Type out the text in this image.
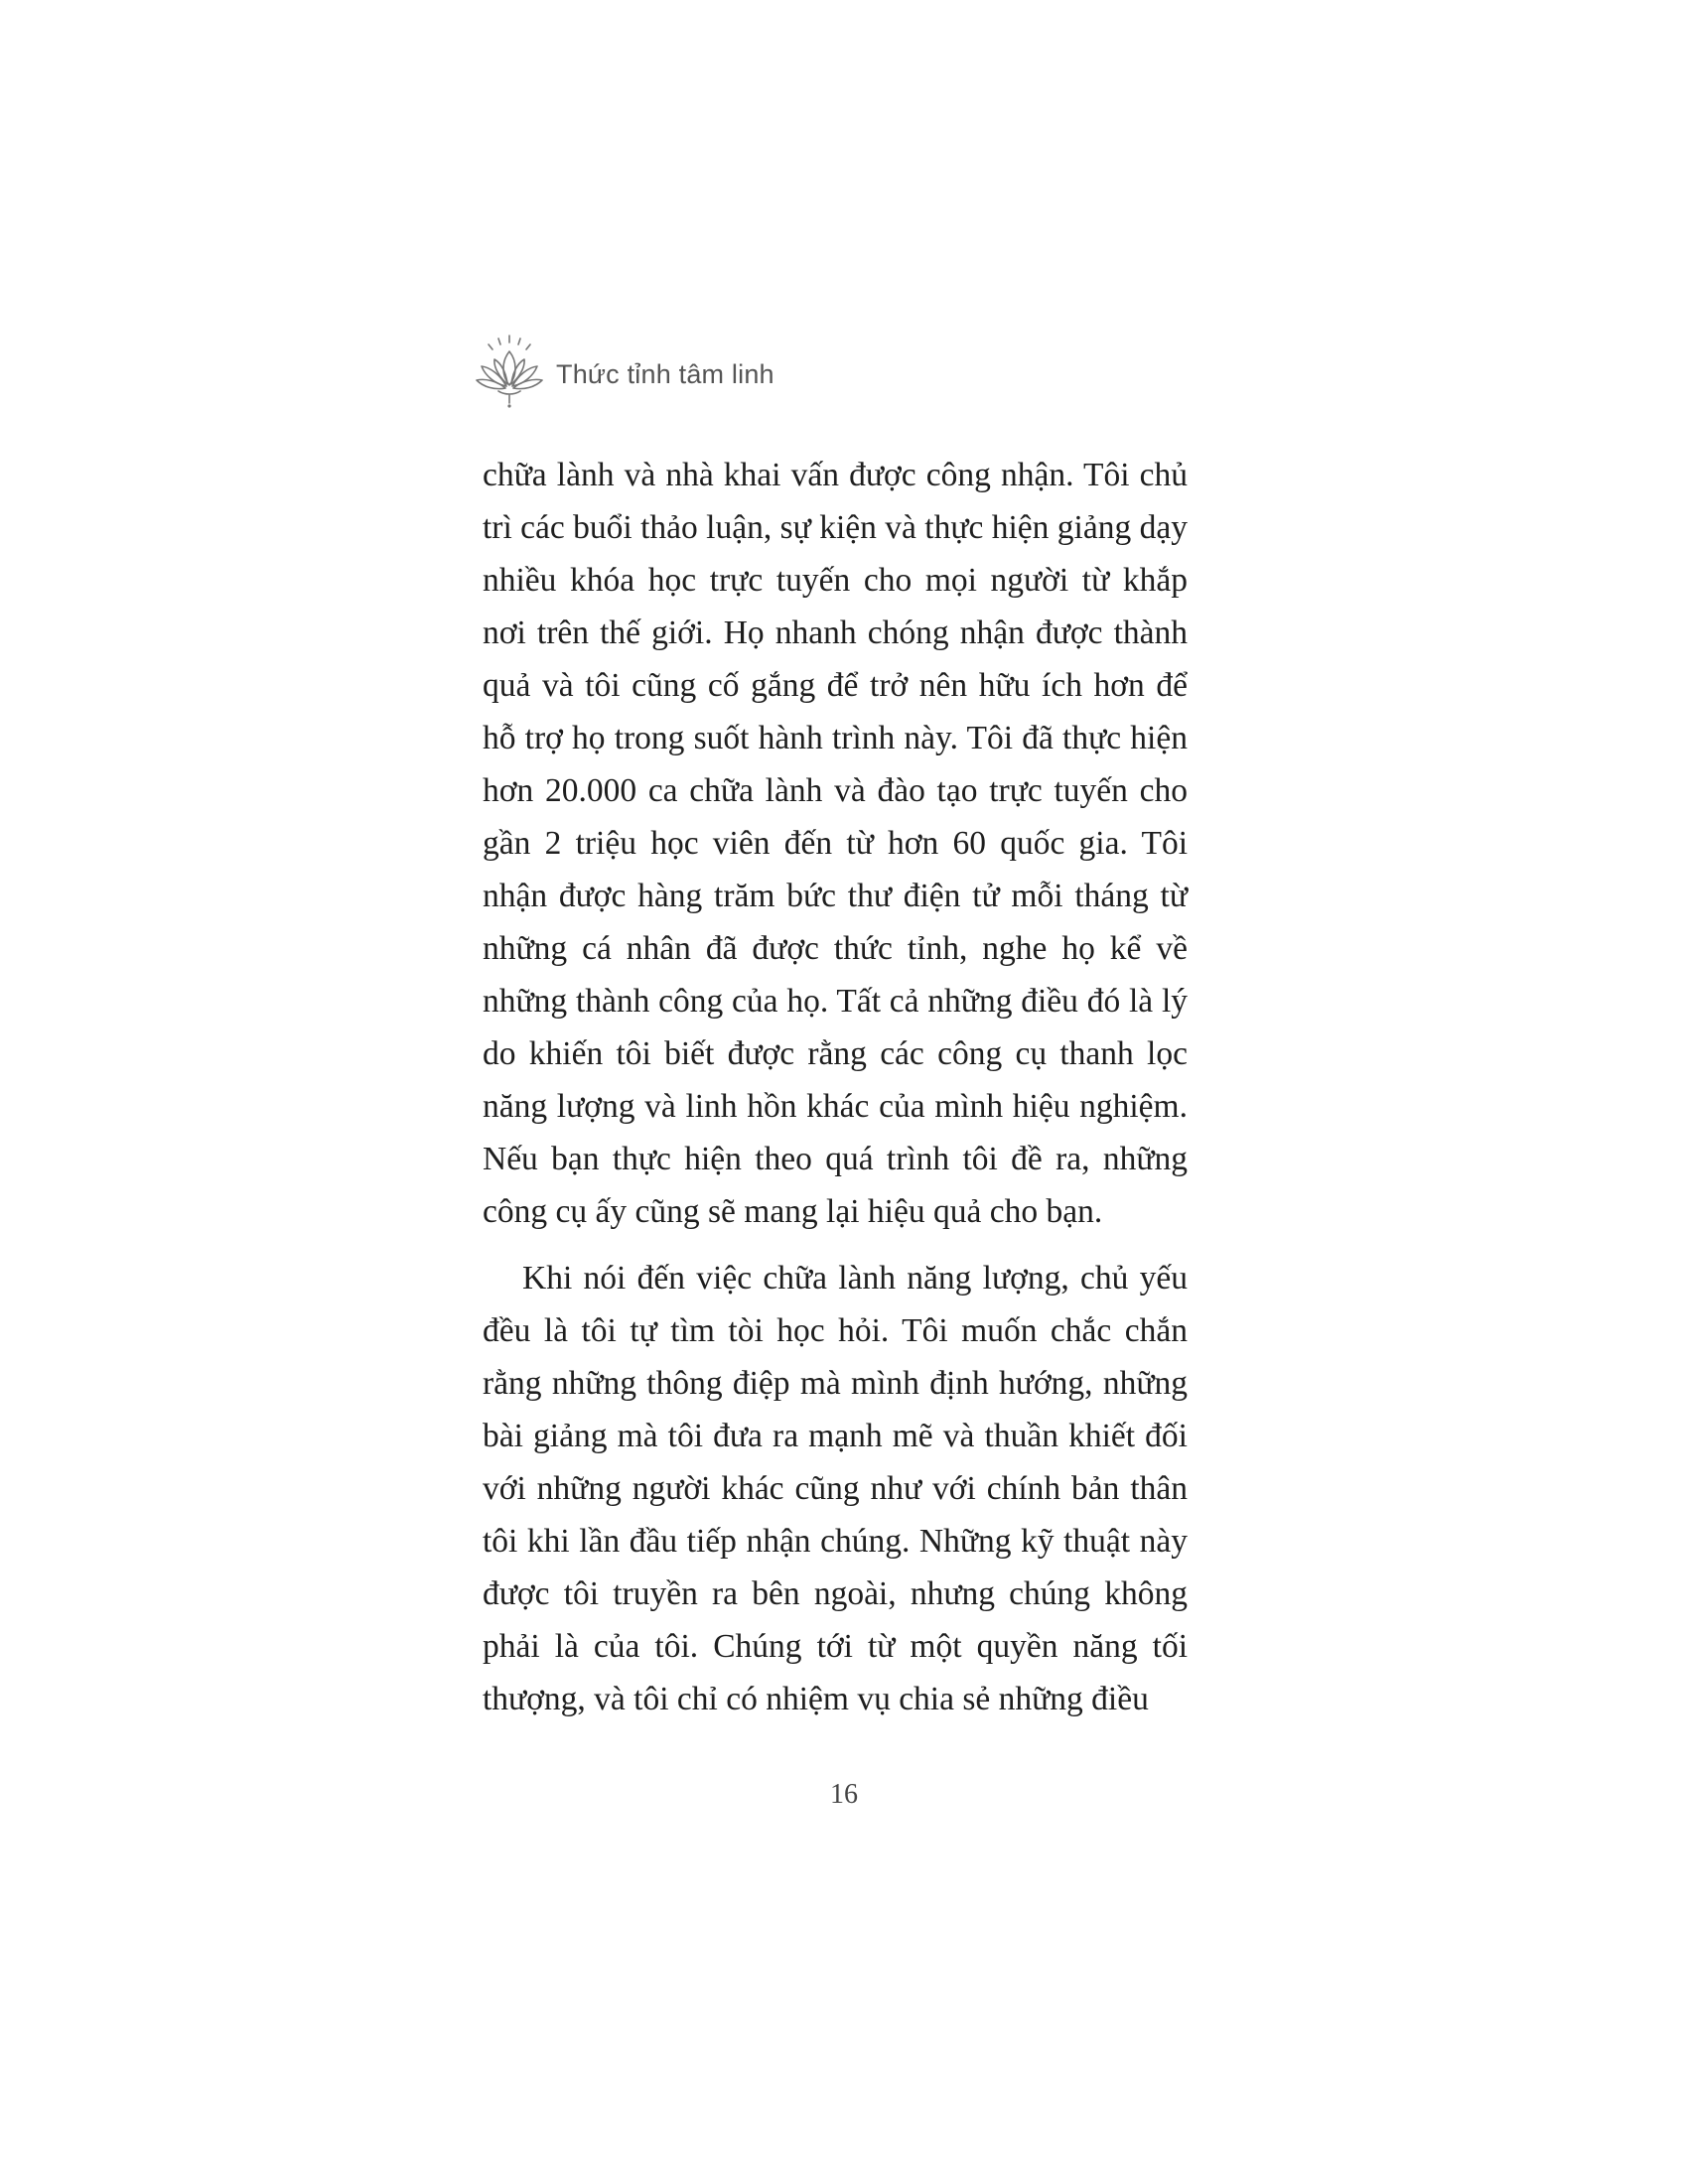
Thức tỉnh tâm linh

chữa lành và nhà khai vấn được công nhận. Tôi chủ trì các buổi thảo luận, sự kiện và thực hiện giảng dạy nhiều khóa học trực tuyến cho mọi người từ khắp nơi trên thế giới. Họ nhanh chóng nhận được thành quả và tôi cũng cố gắng để trở nên hữu ích hơn để hỗ trợ họ trong suốt hành trình này. Tôi đã thực hiện hơn 20.000 ca chữa lành và đào tạo trực tuyến cho gần 2 triệu học viên đến từ hơn 60 quốc gia. Tôi nhận được hàng trăm bức thư điện tử mỗi tháng từ những cá nhân đã được thức tỉnh, nghe họ kể về những thành công của họ. Tất cả những điều đó là lý do khiến tôi biết được rằng các công cụ thanh lọc năng lượng và linh hồn khác của mình hiệu nghiệm. Nếu bạn thực hiện theo quá trình tôi đề ra, những công cụ ấy cũng sẽ mang lại hiệu quả cho bạn.

Khi nói đến việc chữa lành năng lượng, chủ yếu đều là tôi tự tìm tòi học hỏi. Tôi muốn chắc chắn rằng những thông điệp mà mình định hướng, những bài giảng mà tôi đưa ra mạnh mẽ và thuần khiết đối với những người khác cũng như với chính bản thân tôi khi lần đầu tiếp nhận chúng. Những kỹ thuật này được tôi truyền ra bên ngoài, nhưng chúng không phải là của tôi. Chúng tới từ một quyền năng tối thượng, và tôi chỉ có nhiệm vụ chia sẻ những điều

16
